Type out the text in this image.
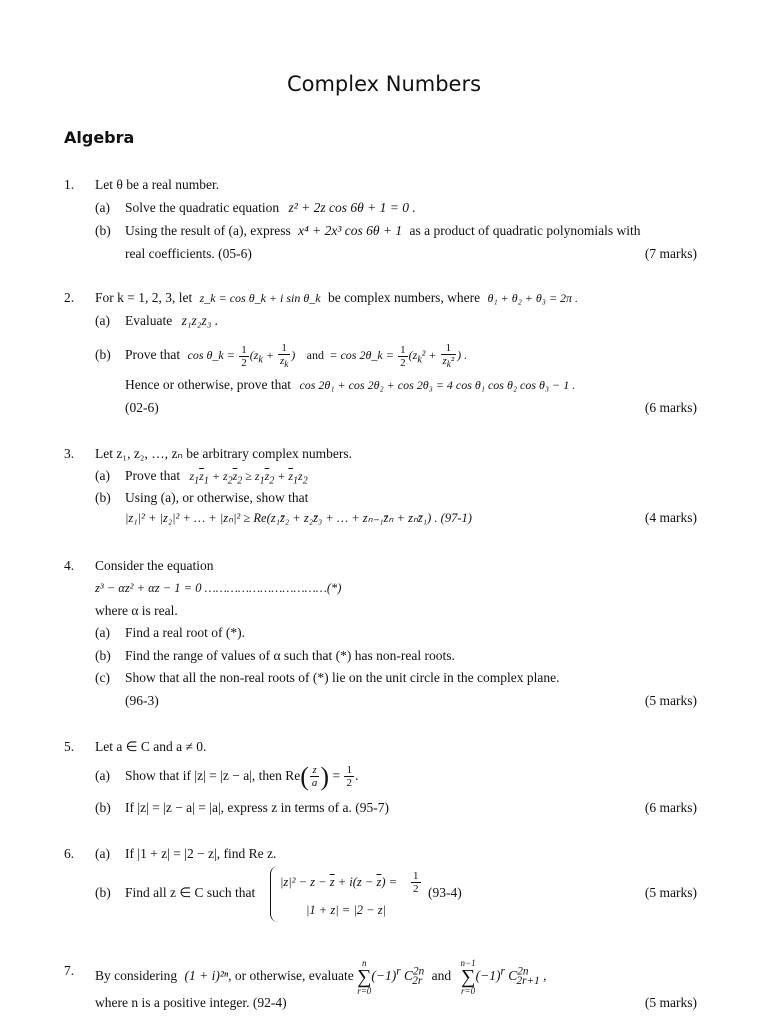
Complex Numbers
Algebra
1. Let θ be a real number.
(a) Solve the quadratic equation z² + 2z cos 6θ + 1 = 0 .
(b) Using the result of (a), express x⁴ + 2x³ cos 6θ + 1 as a product of quadratic polynomials with
real coefficients. (05-6)	(7 marks)
2. For k = 1, 2, 3, let z_k = cos θ_k + i sin θ_k be complex numbers, where θ₁ + θ₂ + θ₃ = 2π .
(a) Evaluate z₁z₂z₃ .
(b) Prove that cos θ_k = $\frac{1}{2} (z_k + \frac{1}{z_k}$ ) and = cos 2θ_k = $\frac{1}{2} (z_k^2 + \frac{1}{z_k^2}$ ) .
Hence or otherwise, prove that cos 2θ₁ + cos 2θ₂ + cos 2θ₃ = 4 cos θ₁ cos θ₂ cos θ₃ − 1 .
(02-6)	(6 marks)
3. Let z₁, z₂, …, zₙ be arbitrary complex numbers.
(a) Prove that $z_1\overline{z}_1 + z_2\overline{z}_2 \ge z_1\overline{z}_2 + \overline{z}_1z_2$
(b) Using (a), or otherwise, show that
|z₁|² + |z₂|² + … + |zₙ|² ≥ Re(z₁z̄₂ + z₂z̄₃ + … + zₙ₋₁z̄ₙ + zₙz̄₁) . (97-1)	(4 marks)
4. Consider the equation
z³ − αz² + αz − 1 = 0 ……………………………(*)
where α is real.
(a) Find a real root of (*).
(b) Find the range of values of α such that (*) has non-real roots.
(c) Show that all the non-real roots of (*) lie on the unit circle in the complex plane.
(96-3)	(5 marks)
5. Let a ∈ C and a ≠ 0.
(a) Show that if |z| = |z − a|, then $Re( \frac{z}{a}$ ) = $\frac{1}{2}$ .
(b) If |z| = |z − a| = |a|, express z in terms of a. (95-7)	(6 marks)
6. (a) If |1 + z| = |2 − z|, find Re z.
$|z|^2 - z - \overline{z} + i(z - \overline{z}) = \frac{1}{2}$
(b) Find all z ∈ C such that	(93-4)	(5 marks)
|1 + z| = |2 − z|
7. By considering (1 + i)²ⁿ, or otherwise, evaluate n
∑
$r=0(-1)^r$ $C^{2n}_{2r}$ and n−1
∑
$r=0(-1)^r$ $C^{2n}_{2r+1}$ ,
where n is a positive integer. (92-4)	(5 marks)
